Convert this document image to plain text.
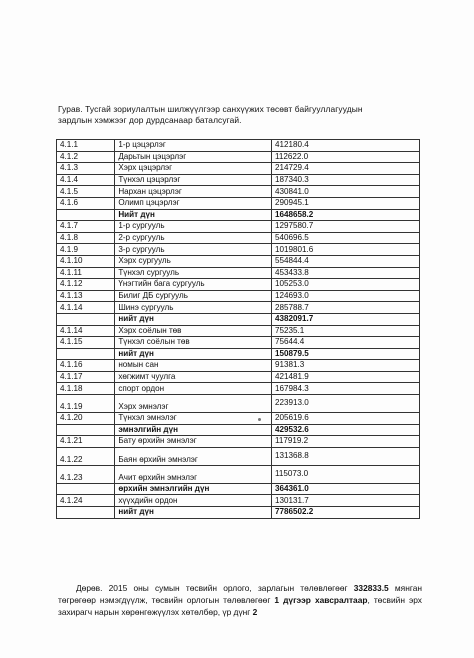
Гурав. Тусгай зориулалтын шилжүүлгээр санхүүжих төсөвт байгууллагуудын
зардлын хэмжээг дор дурдсанаар баталсугай.
4.1.1	1-р цэцэрлэг	412180.4
4.1.2	Дарьтын цэцэрлэг	112622.0
4.1.3	Хэрх цэцэрлэг	214729.4
4.1.4	Түнхэл цэцэрлэг	187340.3
4.1.5	Нархан цэцэрлэг	430841.0
4.1.6	Олимп цэцэрлэг	290945.1
	Нийт дүн	1648658.2
4.1.7	1-р сургууль	1297580.7
4.1.8	2-р сургууль	540696.5
4.1.9	3-р сургууль	1019801.6
4.1.10	Хэрх сургууль	554844.4
4.1.11	Түнхэл сургууль	453433.8
4.1.12	Үнэгтийн бага сургууль	105253.0
4.1.13	Билиг ДБ сургууль	124693.0
4.1.14	Шинэ сургууль	285788.7
	нийт дүн	4382091.7
4.1.14	Хэрх соёлын төв	75235.1
4.1.15	Түнхэл соёлын төв	75644.4
	нийт дүн	150879.5
4.1.16	номын сан	91381.3
4.1.17	хөгжимт чуулга	421481.9
4.1.18	спорт ордон	167984.3
4.1.19	Хэрх эмнэлэг	223913.0
4.1.20	Түнхэл эмнэлэг	205619.6
	эмнэлгийн дүн	429532.6
4.1.21	Бату өрхийн эмнэлэг	117919.2
4.1.22	Баян өрхийн эмнэлэг	131368.8
4.1.23	Ачит өрхийн эмнэлэг	115073.0
	өрхийн эмнэлгийн дүн	364361.0
4.1.24	хүүхдийн ордон	130131.7
	нийт дүн	7786502.2
Дөрөв. 2015 оны сумын төсвийн орлого, зарлагын төлөвлөгөөг 332833.5 мянган төгрөгөөр нэмэгдүүлж, төсвийн орлогын төлөвлөгөөг 1 дүгээр хавсралтаар, төсвийн эрх захирагч нарын хөрөнгөжүүлэх хөтөлбөр, үр дүнг 2
